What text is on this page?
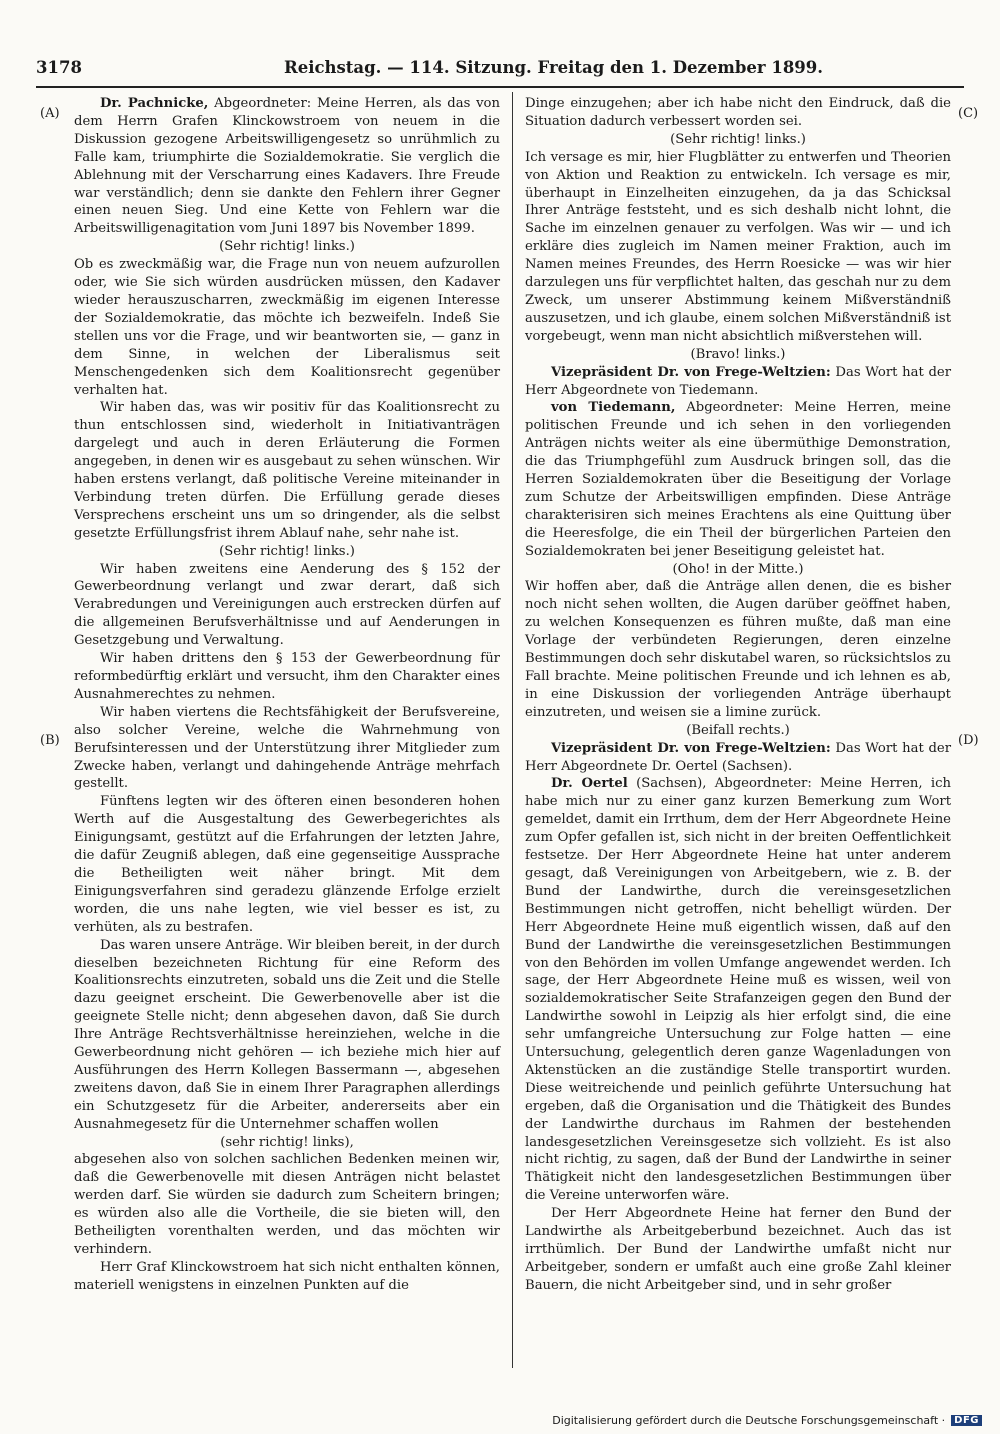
3178	Reichstag. — 114. Sitzung. Freitag den 1. Dezember 1899.
(A)
(B)
(C)
(D)

Dr. Pachnicke, Abgeordneter: Meine Herren, als das von dem Herrn Grafen Klinckowstroem von neuem in die Diskussion gezogene Arbeitswilligengesetz so unrühmlich zu Falle kam, triumphirte die Sozialdemokratie. Sie verglich die Ablehnung mit der Verscharrung eines Kadavers. Ihre Freude war verständlich; denn sie dankte den Fehlern ihrer Gegner einen neuen Sieg. Und eine Kette von Fehlern war die Arbeitswilligenagitation vom Juni 1897 bis November 1899.

(Sehr richtig! links.)

Ob es zweckmäßig war, die Frage nun von neuem aufzurollen oder, wie Sie sich würden ausdrücken müssen, den Kadaver wieder herauszuscharren, zweckmäßig im eigenen Interesse der Sozialdemokratie, das möchte ich bezweifeln. Indeß Sie stellen uns vor die Frage, und wir beantworten sie, — ganz in dem Sinne, in welchen der Liberalismus seit Menschengedenken sich dem Koalitionsrecht gegenüber verhalten hat.

Wir haben das, was wir positiv für das Koalitionsrecht zu thun entschlossen sind, wiederholt in Initiativanträgen dargelegt und auch in deren Erläuterung die Formen angegeben, in denen wir es ausgebaut zu sehen wünschen. Wir haben erstens verlangt, daß politische Vereine miteinander in Verbindung treten dürfen. Die Erfüllung gerade dieses Versprechens erscheint uns um so dringender, als die selbst gesetzte Erfüllungsfrist ihrem Ablauf nahe, sehr nahe ist.

(Sehr richtig! links.)

Wir haben zweitens eine Aenderung des § 152 der Gewerbeordnung verlangt und zwar derart, daß sich Verabredungen und Vereinigungen auch erstrecken dürfen auf die allgemeinen Berufsverhältnisse und auf Aenderungen in Gesetzgebung und Verwaltung.

Wir haben drittens den § 153 der Gewerbeordnung für reformbedürftig erklärt und versucht, ihm den Charakter eines Ausnahmerechtes zu nehmen.

Wir haben viertens die Rechtsfähigkeit der Berufsvereine, also solcher Vereine, welche die Wahrnehmung von Berufsinteressen und der Unterstützung ihrer Mitglieder zum Zwecke haben, verlangt und dahingehende Anträge mehrfach gestellt.

Fünftens legten wir des öfteren einen besonderen hohen Werth auf die Ausgestaltung des Gewerbegerichtes als Einigungsamt, gestützt auf die Erfahrungen der letzten Jahre, die dafür Zeugniß ablegen, daß eine gegenseitige Aussprache die Betheiligten weit näher bringt. Mit dem Einigungsverfahren sind geradezu glänzende Erfolge erzielt worden, die uns nahe legten, wie viel besser es ist, zu verhüten, als zu bestrafen.

Das waren unsere Anträge. Wir bleiben bereit, in der durch dieselben bezeichneten Richtung für eine Reform des Koalitionsrechts einzutreten, sobald uns die Zeit und die Stelle dazu geeignet erscheint. Die Gewerbenovelle aber ist die geeignete Stelle nicht; denn abgesehen davon, daß Sie durch Ihre Anträge Rechtsverhältnisse hereinziehen, welche in die Gewerbeordnung nicht gehören — ich beziehe mich hier auf Ausführungen des Herrn Kollegen Bassermann —, abgesehen zweitens davon, daß Sie in einem Ihrer Paragraphen allerdings ein Schutzgesetz für die Arbeiter, andererseits aber ein Ausnahmegesetz für die Unternehmer schaffen wollen

(sehr richtig! links),

abgesehen also von solchen sachlichen Bedenken meinen wir, daß die Gewerbenovelle mit diesen Anträgen nicht belastet werden darf. Sie würden sie dadurch zum Scheitern bringen; es würden also alle die Vortheile, die sie bieten will, den Betheiligten vorenthalten werden, und das möchten wir verhindern.

Herr Graf Klinckowstroem hat sich nicht enthalten können, materiell wenigstens in einzelnen Punkten auf die

Dinge einzugehen; aber ich habe nicht den Eindruck, daß die Situation dadurch verbessert worden sei.

(Sehr richtig! links.)

Ich versage es mir, hier Flugblätter zu entwerfen und Theorien von Aktion und Reaktion zu entwickeln. Ich versage es mir, überhaupt in Einzelheiten einzugehen, da ja das Schicksal Ihrer Anträge feststeht, und es sich deshalb nicht lohnt, die Sache im einzelnen genauer zu verfolgen. Was wir — und ich erkläre dies zugleich im Namen meiner Fraktion, auch im Namen meines Freundes, des Herrn Roesicke — was wir hier darzulegen uns für verpflichtet halten, das geschah nur zu dem Zweck, um unserer Abstimmung keinem Mißverständniß auszusetzen, und ich glaube, einem solchen Mißverständniß ist vorgebeugt, wenn man nicht absichtlich mißverstehen will.

(Bravo! links.)

Vizepräsident Dr. von Frege-Weltzien: Das Wort hat der Herr Abgeordnete von Tiedemann.

von Tiedemann, Abgeordneter: Meine Herren, meine politischen Freunde und ich sehen in den vorliegenden Anträgen nichts weiter als eine übermüthige Demonstration, die das Triumphgefühl zum Ausdruck bringen soll, das die Herren Sozialdemokraten über die Beseitigung der Vorlage zum Schutze der Arbeitswilligen empfinden. Diese Anträge charakterisiren sich meines Erachtens als eine Quittung über die Heeresfolge, die ein Theil der bürgerlichen Parteien den Sozialdemokraten bei jener Beseitigung geleistet hat.

(Oho! in der Mitte.)

Wir hoffen aber, daß die Anträge allen denen, die es bisher noch nicht sehen wollten, die Augen darüber geöffnet haben, zu welchen Konsequenzen es führen mußte, daß man eine Vorlage der verbündeten Regierungen, deren einzelne Bestimmungen doch sehr diskutabel waren, so rücksichtslos zu Fall brachte. Meine politischen Freunde und ich lehnen es ab, in eine Diskussion der vorliegenden Anträge überhaupt einzutreten, und weisen sie a limine zurück.

(Beifall rechts.)

Vizepräsident Dr. von Frege-Weltzien: Das Wort hat der Herr Abgeordnete Dr. Oertel (Sachsen).

Dr. Oertel (Sachsen), Abgeordneter: Meine Herren, ich habe mich nur zu einer ganz kurzen Bemerkung zum Wort gemeldet, damit ein Irrthum, dem der Herr Abgeordnete Heine zum Opfer gefallen ist, sich nicht in der breiten Oeffentlichkeit festsetze. Der Herr Abgeordnete Heine hat unter anderem gesagt, daß Vereinigungen von Arbeitgebern, wie z. B. der Bund der Landwirthe, durch die vereinsgesetzlichen Bestimmungen nicht getroffen, nicht behelligt würden. Der Herr Abgeordnete Heine muß eigentlich wissen, daß auf den Bund der Landwirthe die vereinsgesetzlichen Bestimmungen von den Behörden im vollen Umfange angewendet werden. Ich sage, der Herr Abgeordnete Heine muß es wissen, weil von sozialdemokratischer Seite Strafanzeigen gegen den Bund der Landwirthe sowohl in Leipzig als hier erfolgt sind, die eine sehr umfangreiche Untersuchung zur Folge hatten — eine Untersuchung, gelegentlich deren ganze Wagenladungen von Aktenstücken an die zuständige Stelle transportirt wurden. Diese weitreichende und peinlich geführte Untersuchung hat ergeben, daß die Organisation und die Thätigkeit des Bundes der Landwirthe durchaus im Rahmen der bestehenden landesgesetzlichen Vereinsgesetze sich vollzieht. Es ist also nicht richtig, zu sagen, daß der Bund der Landwirthe in seiner Thätigkeit nicht den landesgesetzlichen Bestimmungen über die Vereine unterworfen wäre.

Der Herr Abgeordnete Heine hat ferner den Bund der Landwirthe als Arbeitgeberbund bezeichnet. Auch das ist irrthümlich. Der Bund der Landwirthe umfaßt nicht nur Arbeitgeber, sondern er umfaßt auch eine große Zahl kleiner Bauern, die nicht Arbeitgeber sind, und in sehr großer

Digitalisierung gefördert durch die Deutsche Forschungsgemeinschaft · DFG
